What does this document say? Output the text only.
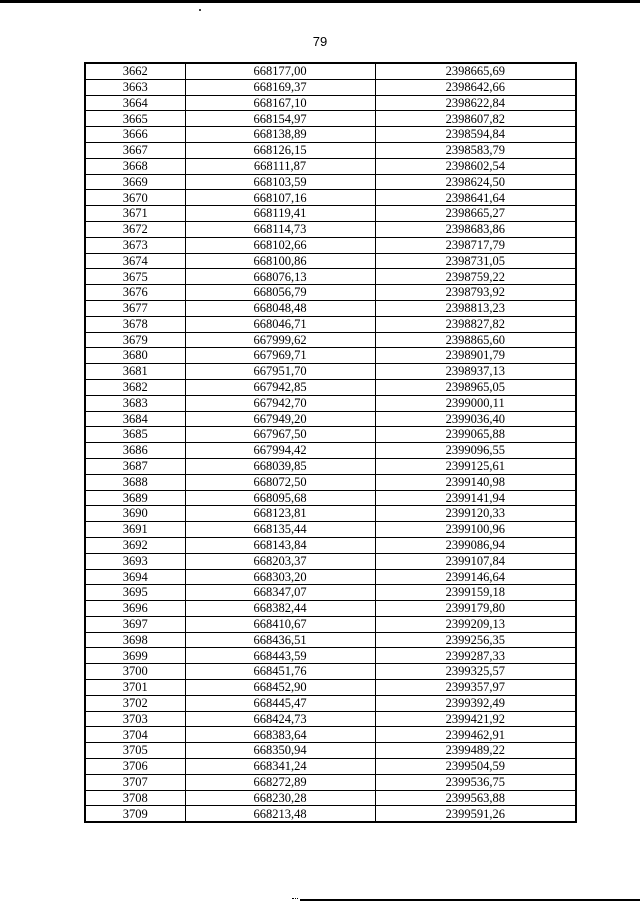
79
3662	668177,00	2398665,69
3663	668169,37	2398642,66
3664	668167,10	2398622,84
3665	668154,97	2398607,82
3666	668138,89	2398594,84
3667	668126,15	2398583,79
3668	668111,87	2398602,54
3669	668103,59	2398624,50
3670	668107,16	2398641,64
3671	668119,41	2398665,27
3672	668114,73	2398683,86
3673	668102,66	2398717,79
3674	668100,86	2398731,05
3675	668076,13	2398759,22
3676	668056,79	2398793,92
3677	668048,48	2398813,23
3678	668046,71	2398827,82
3679	667999,62	2398865,60
3680	667969,71	2398901,79
3681	667951,70	2398937,13
3682	667942,85	2398965,05
3683	667942,70	2399000,11
3684	667949,20	2399036,40
3685	667967,50	2399065,88
3686	667994,42	2399096,55
3687	668039,85	2399125,61
3688	668072,50	2399140,98
3689	668095,68	2399141,94
3690	668123,81	2399120,33
3691	668135,44	2399100,96
3692	668143,84	2399086,94
3693	668203,37	2399107,84
3694	668303,20	2399146,64
3695	668347,07	2399159,18
3696	668382,44	2399179,80
3697	668410,67	2399209,13
3698	668436,51	2399256,35
3699	668443,59	2399287,33
3700	668451,76	2399325,57
3701	668452,90	2399357,97
3702	668445,47	2399392,49
3703	668424,73	2399421,92
3704	668383,64	2399462,91
3705	668350,94	2399489,22
3706	668341,24	2399504,59
3707	668272,89	2399536,75
3708	668230,28	2399563,88
3709	668213,48	2399591,26
